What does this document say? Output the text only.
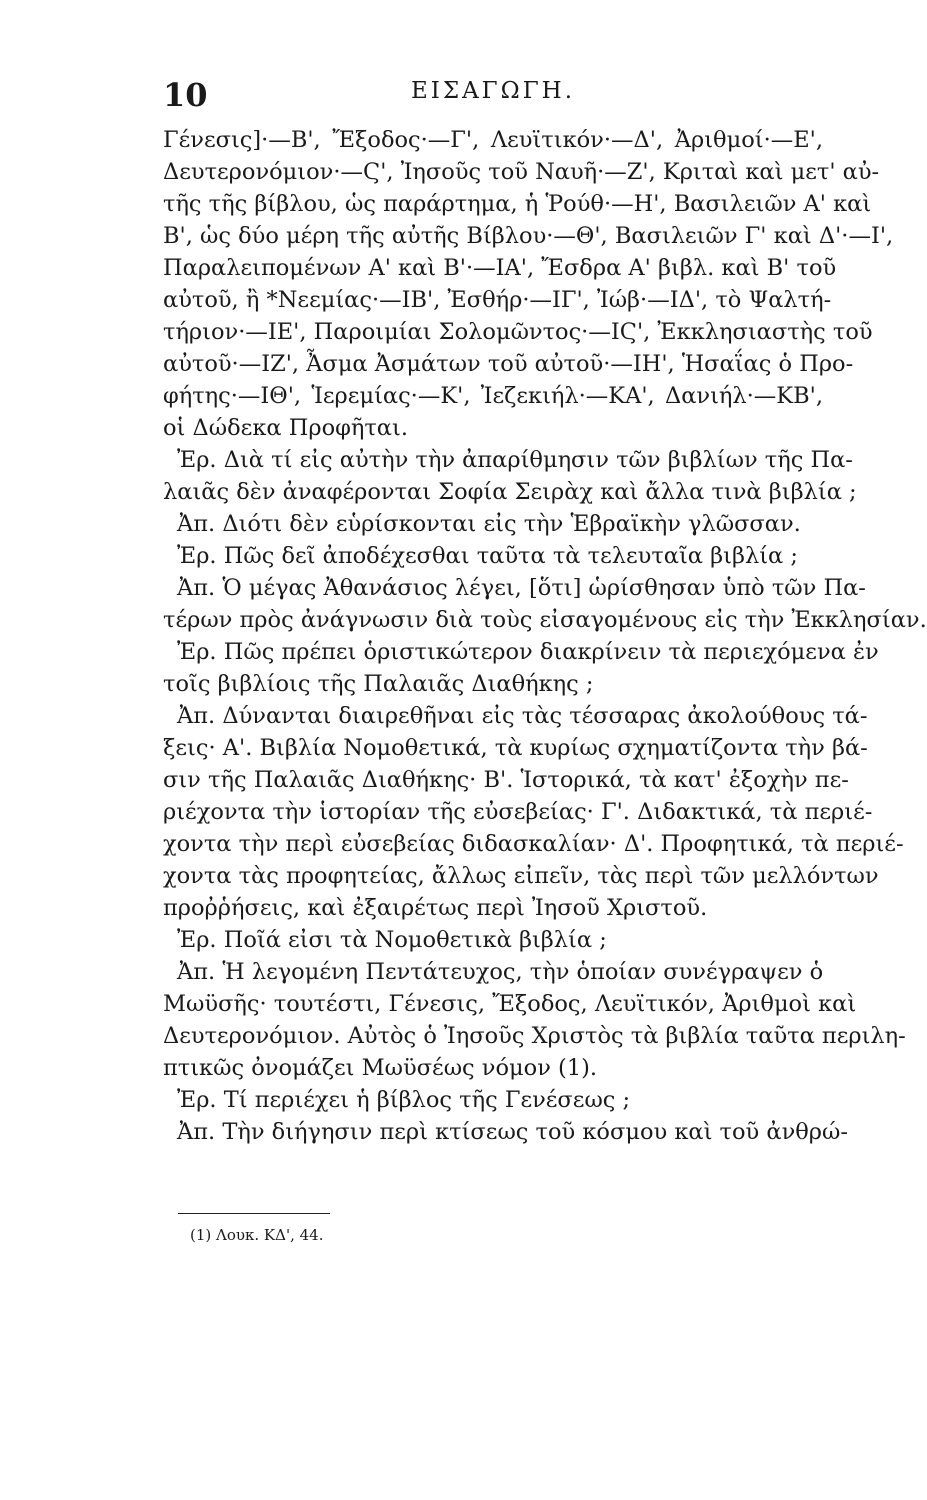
10	ΕΙΣΑΓΩΓΗ.
Γένεσις]·—Β', Ἔξοδος·—Γ', Λευϊτικόν·—Δ', Ἀριθμοί·—Ε',
Δευτερονόμιον·—Ϛ', Ἰησοῦς τοῦ Ναυῆ·—Ζ', Κριταὶ καὶ μετ' αὐ-
τῆς τῆς βίβλου, ὡς παράρτημα, ἡ Ῥούθ·—Η', Βασιλειῶν Α' καὶ
Β', ὡς δύο μέρη τῆς αὐτῆς Βίβλου·—Θ', Βασιλειῶν Γ' καὶ Δ'·—Ι',
Παραλειπομένων Α' καὶ Β'·—ΙΑ', Ἔσδρα Α' βιβλ. καὶ Β' τοῦ
αὐτοῦ, ἢ *Νεεμίας·—ΙΒ', Ἐσθήρ·—ΙΓ', Ἰώβ·—ΙΔ', τὸ Ψαλτή-
τήριον·—ΙΕ', Παροιμίαι Σολομῶντος·—ΙϚ', Ἐκκλησιαστὴς τοῦ
αὐτοῦ·—ΙΖ', Ἆσμα Ἀσμάτων τοῦ αὐτοῦ·—ΙΗ', Ἡσαΐας ὁ Προ-
φήτης·—ΙΘ', Ἱερεμίας·—Κ', Ἰεζεκιήλ·—ΚΑ', Δανιήλ·—ΚΒ',
οἱ Δώδεκα Προφῆται.
Ἐρ. Διὰ τί εἰς αὐτὴν τὴν ἀπαρίθμησιν τῶν βιβλίων τῆς Πα-
λαιᾶς δὲν ἀναφέρονται Σοφία Σειρὰχ καὶ ἄλλα τινὰ βιβλία ;
Ἀπ. Διότι δὲν εὑρίσκονται εἰς τὴν Ἑβραϊκὴν γλῶσσαν.
Ἐρ. Πῶς δεῖ ἀποδέχεσθαι ταῦτα τὰ τελευταῖα βιβλία ;
Ἀπ. Ὁ μέγας Ἀθανάσιος λέγει, [ὅτι] ὡρίσθησαν ὑπὸ τῶν Πα-
τέρων πρὸς ἀνάγνωσιν διὰ τοὺς εἰσαγομένους εἰς τὴν Ἐκκλησίαν.
Ἐρ. Πῶς πρέπει ὁριστικώτερον διακρίνειν τὰ περιεχόμενα ἐν
τοῖς βιβλίοις τῆς Παλαιᾶς Διαθήκης ;
Ἀπ. Δύνανται διαιρεθῆναι εἰς τὰς τέσσαρας ἀκολούθους τά-
ξεις· Α'. Βιβλία Νομοθετικά, τὰ κυρίως σχηματίζοντα τὴν βά-
σιν τῆς Παλαιᾶς Διαθήκης· Β'. Ἱστορικά, τὰ κατ' ἐξοχὴν πε-
ριέχοντα τὴν ἱστορίαν τῆς εὐσεβείας· Γ'. Διδακτικά, τὰ περιέ-
χοντα τὴν περὶ εὐσεβείας διδασκαλίαν· Δ'. Προφητικά, τὰ περιέ-
χοντα τὰς προφητείας, ἄλλως εἰπεῖν, τὰς περὶ τῶν μελλόντων
προῤῥήσεις, καὶ ἐξαιρέτως περὶ Ἰησοῦ Χριστοῦ.
Ἐρ. Ποῖά εἰσι τὰ Νομοθετικὰ βιβλία ;
Ἀπ. Ἡ λεγομένη Πεντάτευχος, τὴν ὁποίαν συνέγραψεν ὁ
Μωϋσῆς· τουτέστι, Γένεσις, Ἔξοδος, Λευϊτικόν, Ἀριθμοὶ καὶ
Δευτερονόμιον. Αὐτὸς ὁ Ἰησοῦς Χριστὸς τὰ βιβλία ταῦτα περιλη-
πτικῶς ὀνομάζει Μωϋσέως νόμον (1).
Ἐρ. Τί περιέχει ἡ βίβλος τῆς Γενέσεως ;
Ἀπ. Τὴν διήγησιν περὶ κτίσεως τοῦ κόσμου καὶ τοῦ ἀνθρώ-
(1) Λουκ. ΚΔ', 44.
